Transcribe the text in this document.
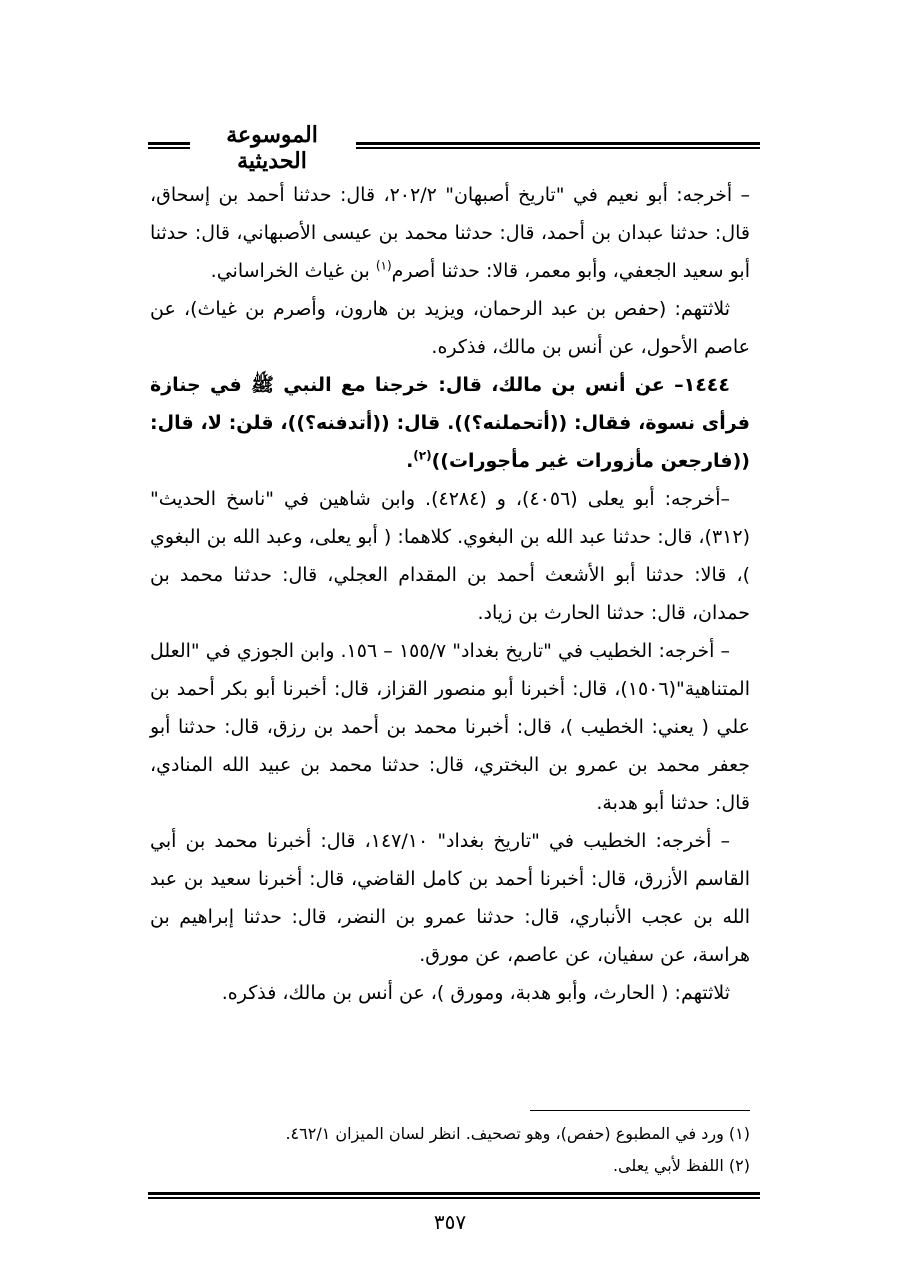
الموسوعة الحديثية

– أخرجه: أبو نعيم في "تاريخ أصبهان" ٢٠٢/٢، قال: حدثنا أحمد بن إسحاق، قال: حدثنا عبدان بن أحمد، قال: حدثنا محمد بن عيسى الأصبهاني، قال: حدثنا أبو سعيد الجعفي، وأبو معمر، قالا: حدثنا أصرم$^{(١)}$ بن غياث الخراساني.

ثلاثتهم: (حفص بن عبد الرحمان، ويزيد بن هارون، وأصرم بن غياث)، عن عاصم الأحول، عن أنس بن مالك، فذكره.

١٤٤٤– عن أنس بن مالك، قال: خرجنا مع النبي ﷺ في جنازة فرأى نسوة، فقال: ((أتحملنه؟)). قال: ((أتدفنه؟))، قلن: لا، قال: ((فارجعن مأزورات غير مأجورات))$^{(٢)}$.

–أخرجه: أبو يعلى (٤٠٥٦)، و (٤٢٨٤). وابن شاهين في "ناسخ الحديث" (٣١٢)، قال: حدثنا عبد الله بن البغوي. كلاهما: ( أبو يعلى، وعبد الله بن البغوي )، قالا: حدثنا أبو الأشعث أحمد بن المقدام العجلي، قال: حدثنا محمد بن حمدان، قال: حدثنا الحارث بن زياد.

– أخرجه: الخطيب في "تاريخ بغداد" ١٥٥/٧ – ١٥٦. وابن الجوزي في "العلل المتناهية"(١٥٠٦)، قال: أخبرنا أبو منصور القزاز، قال: أخبرنا أبو بكر أحمد بن علي ( يعني: الخطيب )، قال: أخبرنا محمد بن أحمد بن رزق، قال: حدثنا أبو جعفر محمد بن عمرو بن البختري، قال: حدثنا محمد بن عبيد الله المنادي، قال: حدثنا أبو هدبة.

– أخرجه: الخطيب في "تاريخ بغداد" ١٤٧/١٠، قال: أخبرنا محمد بن أبي القاسم الأزرق، قال: أخبرنا أحمد بن كامل القاضي، قال: أخبرنا سعيد بن عبد الله بن عجب الأنباري، قال: حدثنا عمرو بن النضر، قال: حدثنا إبراهيم بن هراسة، عن سفيان، عن عاصم، عن مورق.

ثلاثتهم: ( الحارث، وأبو هدبة، ومورق )، عن أنس بن مالك، فذكره.

(١) ورد في المطبوع (حفص)، وهو تصحيف. انظر لسان الميزان ٤٦٢/١.

(٢) اللفظ لأبي يعلى.

٣٥٧
